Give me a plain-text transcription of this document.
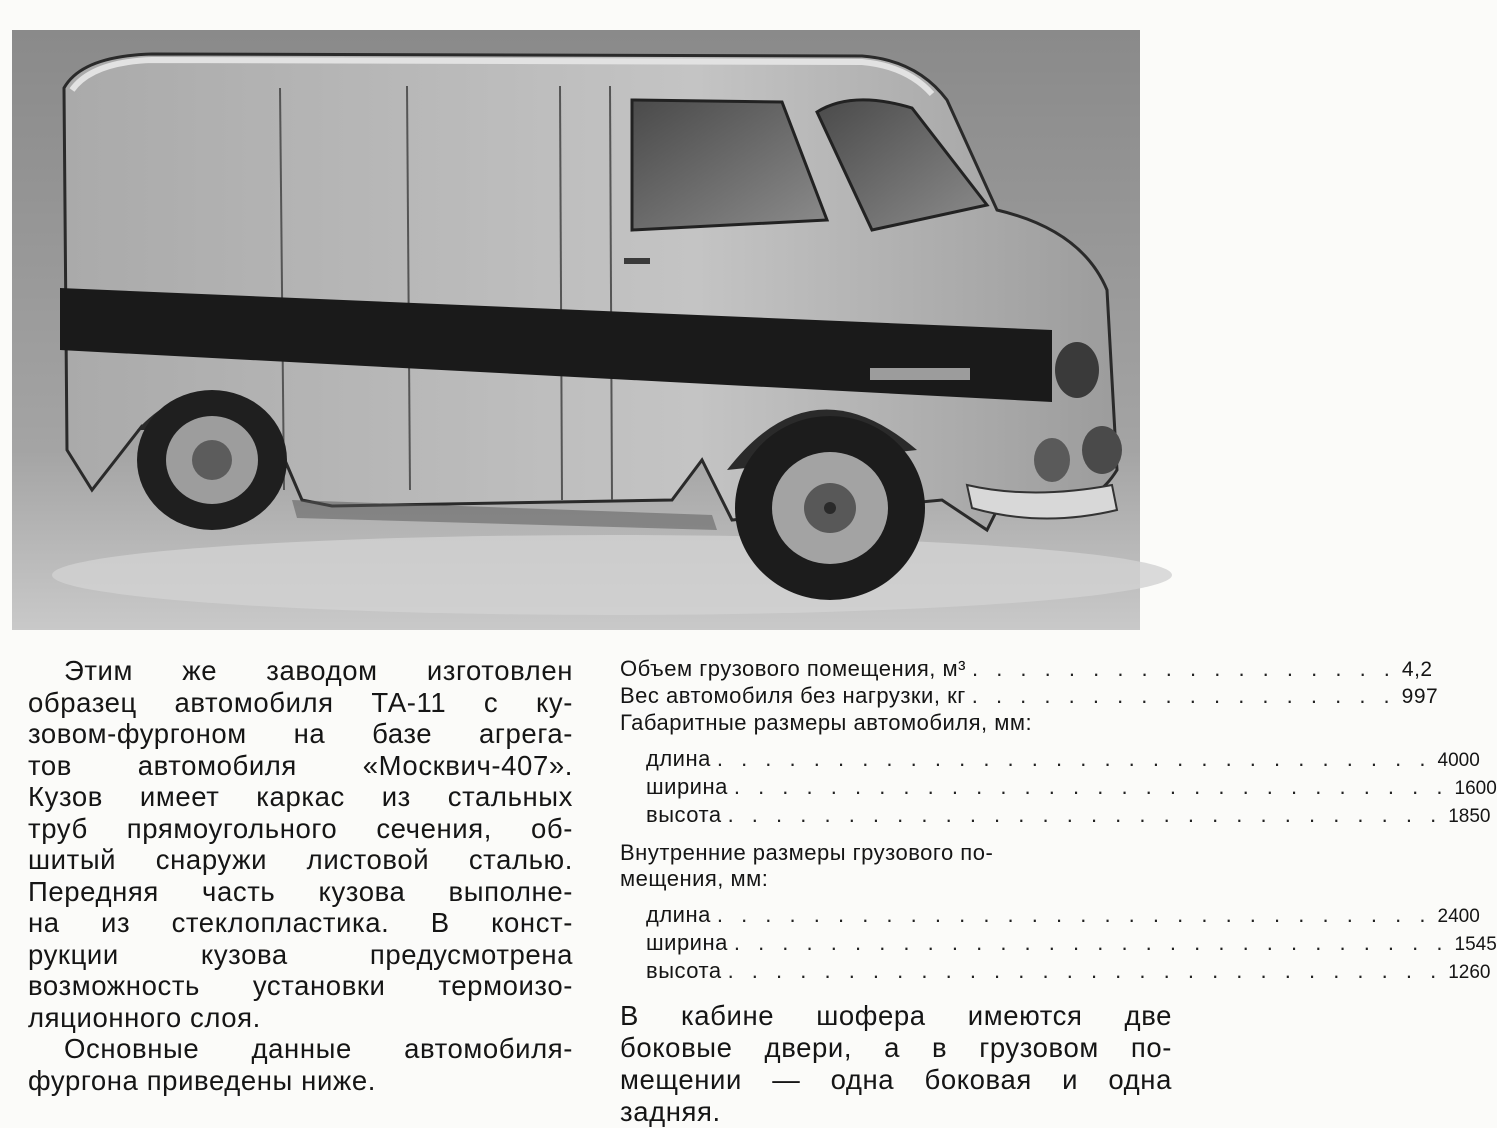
Этим же заводом изготовлен

образец автомобиля ТА-11 с ку-

зовом-фургоном на базе агрега-

тов автомобиля «Москвич-407».

Кузов имеет каркас из стальных

труб прямоугольного сечения, об-

шитый снаружи листовой сталью.

Передняя часть кузова выполне-

на из стеклопластика. В конст-

рукции кузова предусмотрена

возможность установки термоизо-

ляционного слоя.

Основные данные автомобиля-

фургона приведены ниже.

Объем грузового помещения, м³ . . . . . . . . . . . . . . . . . . 4,2
Вес автомобиля без нагрузки, кг . . . . . . . . . . . . . . . . . . 997
Габаритные размеры автомобиля, мм:
длина . . . . . . . . . . . . . . . . . . . . . . . . . . . . . . 4000
ширина . . . . . . . . . . . . . . . . . . . . . . . . . . . . . . 1600
высота . . . . . . . . . . . . . . . . . . . . . . . . . . . . . . 1850
Внутренние размеры грузового по-
мещения, мм:
длина . . . . . . . . . . . . . . . . . . . . . . . . . . . . . . 2400
ширина . . . . . . . . . . . . . . . . . . . . . . . . . . . . . . 1545
высота . . . . . . . . . . . . . . . . . . . . . . . . . . . . . . 1260

В кабине шофера имеются две

боковые двери, а в грузовом по-

мещении — одна боковая и одна

задняя.
